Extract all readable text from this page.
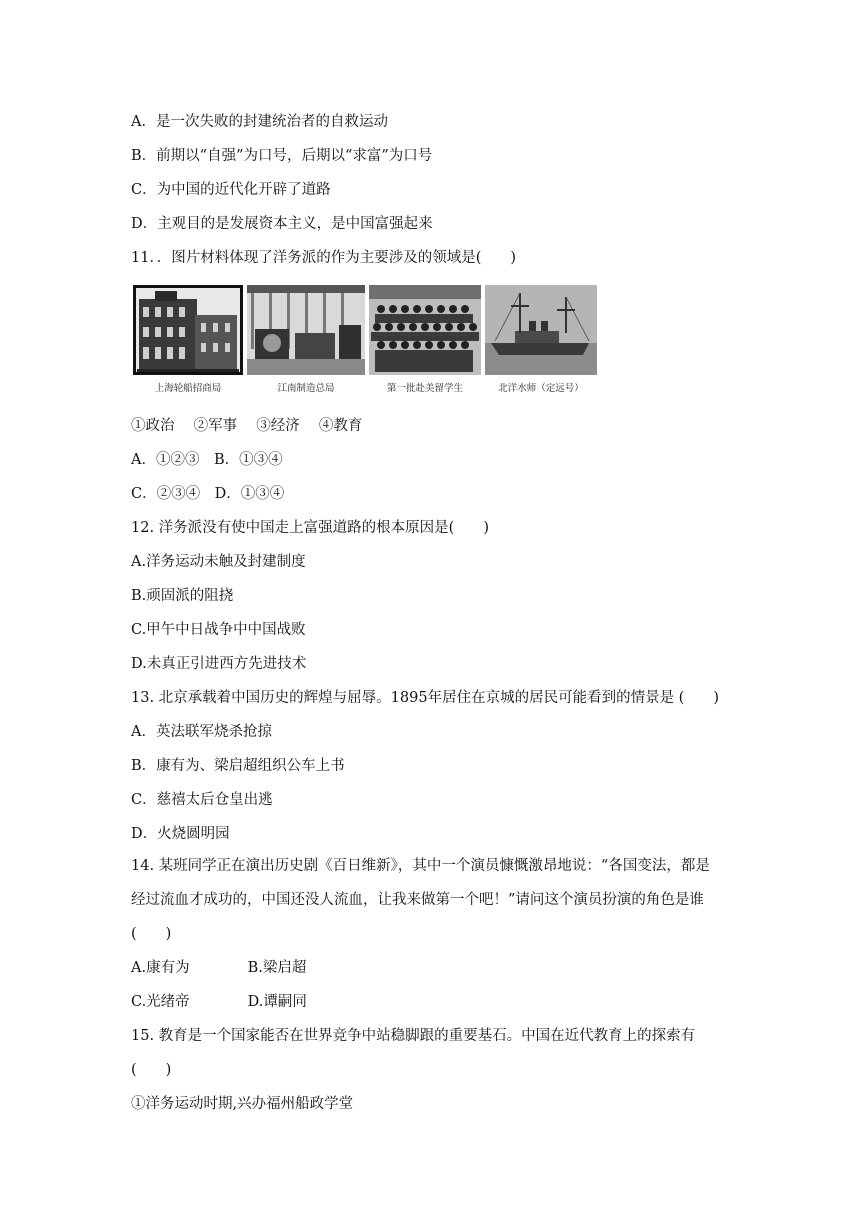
A．是一次失败的封建统治者的自救运动
B．前期以“自强”为口号，后期以“求富”为口号
C．为中国的近代化开辟了道路
D．主观目的是发展资本主义，是中国富强起来
11．．图片材料体现了洋务派的作为主要涉及的领域是(　　)
上海轮船招商局	江南制造总局	第一批赴美留学生	北洋水师（定远号）
①政治　 ②军事　 ③经济　 ④教育
A．①②③　B．①③④
C．②③④　D．①③④
12. 洋务派没有使中国走上富强道路的根本原因是(　　)
A.洋务运动未触及封建制度
B.顽固派的阻挠
C.甲午中日战争中中国战败
D.未真正引进西方先进技术
13. 北京承载着中国历史的辉煌与屈辱。1895年居住在京城的居民可能看到的情景是 (　　)
A．英法联军烧杀抢掠
B．康有为、梁启超组织公车上书
C．慈禧太后仓皇出逃
D．火烧圆明园
14. 某班同学正在演出历史剧《百日维新》，其中一个演员慷慨激昂地说：“各国变法，都是
经过流血才成功的，中国还没人流血，让我来做第一个吧！”请问这个演员扮演的角色是谁
(　　)
A.康有为　　　　B.梁启超
C.光绪帝　　　　D.谭嗣同
15. 教育是一个国家能否在世界竞争中站稳脚跟的重要基石。中国在近代教育上的探索有
(　　)
①洋务运动时期,兴办福州船政学堂
